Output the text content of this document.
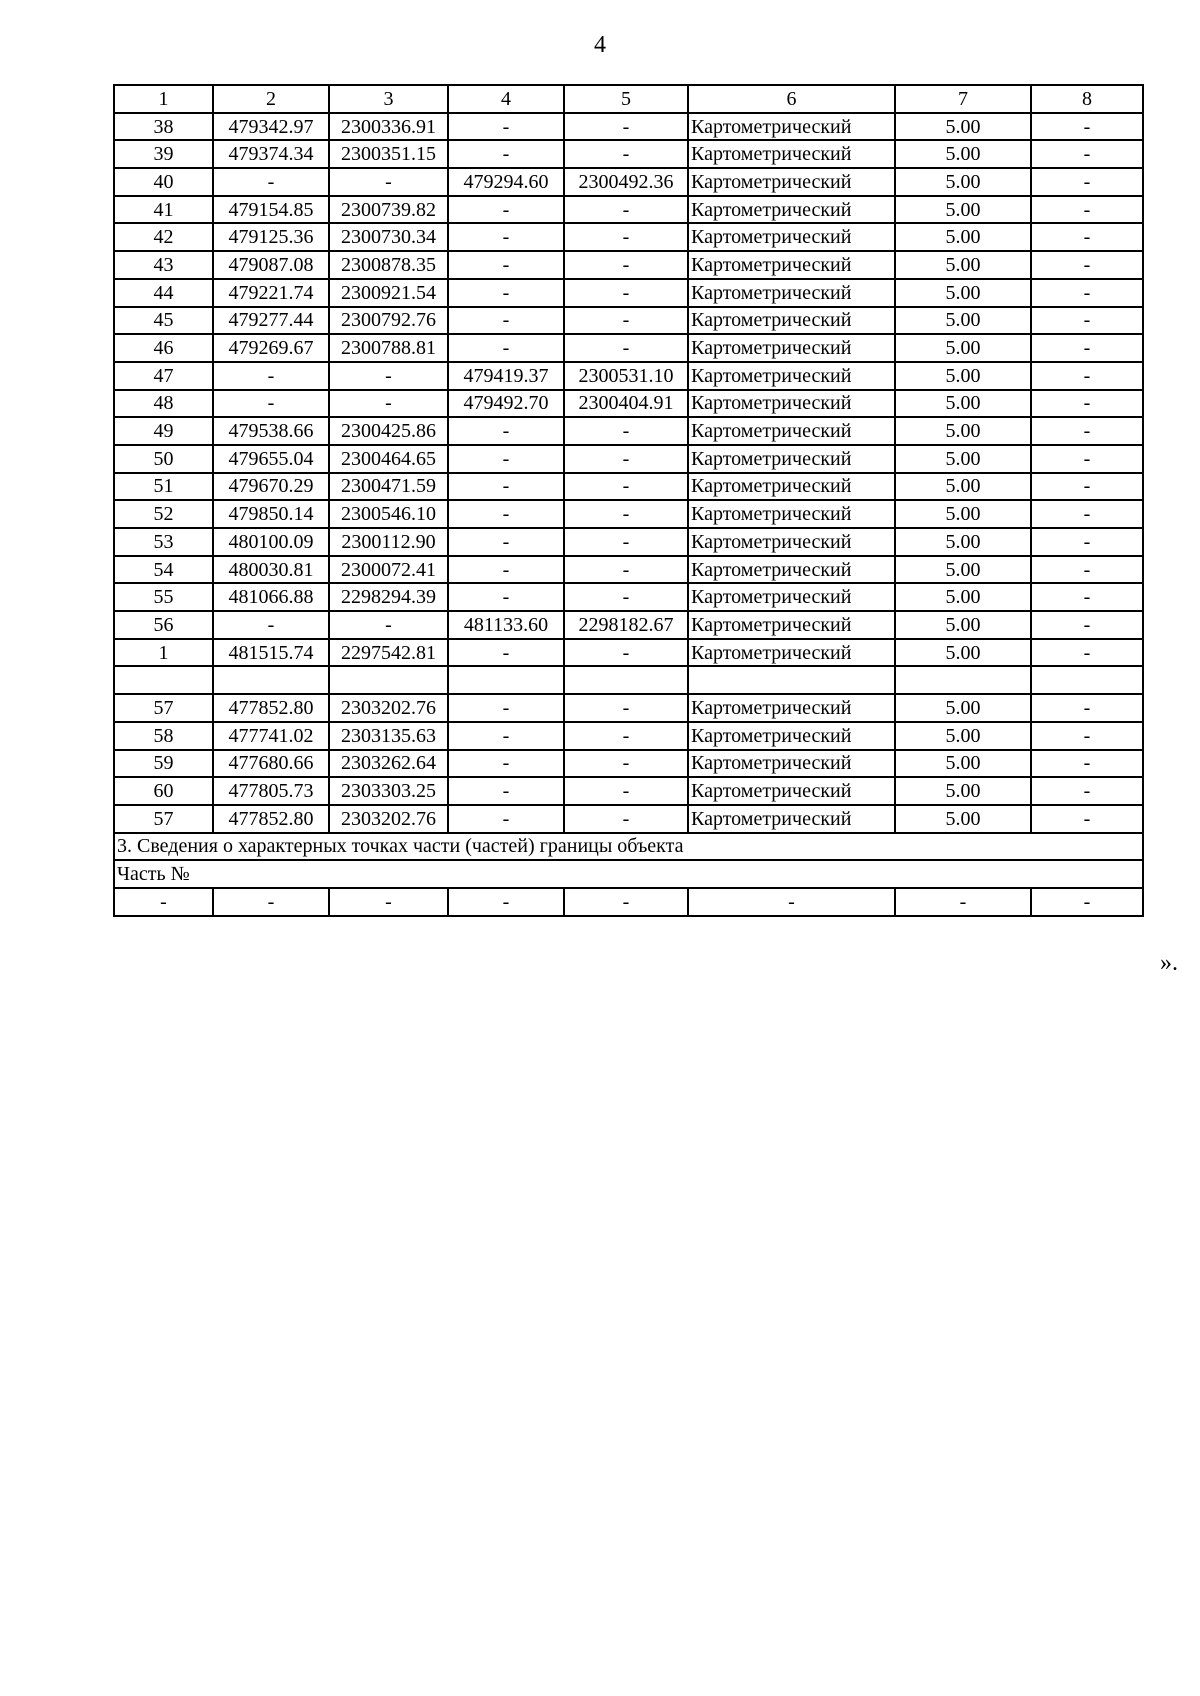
4
1	2	3	4	5	6	7	8
38	479342.97	2300336.91	-	-	Картометрический	5.00	-
39	479374.34	2300351.15	-	-	Картометрический	5.00	-
40	-	-	479294.60	2300492.36	Картометрический	5.00	-
41	479154.85	2300739.82	-	-	Картометрический	5.00	-
42	479125.36	2300730.34	-	-	Картометрический	5.00	-
43	479087.08	2300878.35	-	-	Картометрический	5.00	-
44	479221.74	2300921.54	-	-	Картометрический	5.00	-
45	479277.44	2300792.76	-	-	Картометрический	5.00	-
46	479269.67	2300788.81	-	-	Картометрический	5.00	-
47	-	-	479419.37	2300531.10	Картометрический	5.00	-
48	-	-	479492.70	2300404.91	Картометрический	5.00	-
49	479538.66	2300425.86	-	-	Картометрический	5.00	-
50	479655.04	2300464.65	-	-	Картометрический	5.00	-
51	479670.29	2300471.59	-	-	Картометрический	5.00	-
52	479850.14	2300546.10	-	-	Картометрический	5.00	-
53	480100.09	2300112.90	-	-	Картометрический	5.00	-
54	480030.81	2300072.41	-	-	Картометрический	5.00	-
55	481066.88	2298294.39	-	-	Картометрический	5.00	-
56	-	-	481133.60	2298182.67	Картометрический	5.00	-
1	481515.74	2297542.81	-	-	Картометрический	5.00	-

57	477852.80	2303202.76	-	-	Картометрический	5.00	-
58	477741.02	2303135.63	-	-	Картометрический	5.00	-
59	477680.66	2303262.64	-	-	Картометрический	5.00	-
60	477805.73	2303303.25	-	-	Картометрический	5.00	-
57	477852.80	2303202.76	-	-	Картометрический	5.00	-
3. Сведения о характерных точках части (частей) границы объекта							
Часть №							
-	-	-	-	-	-	-	-
».
